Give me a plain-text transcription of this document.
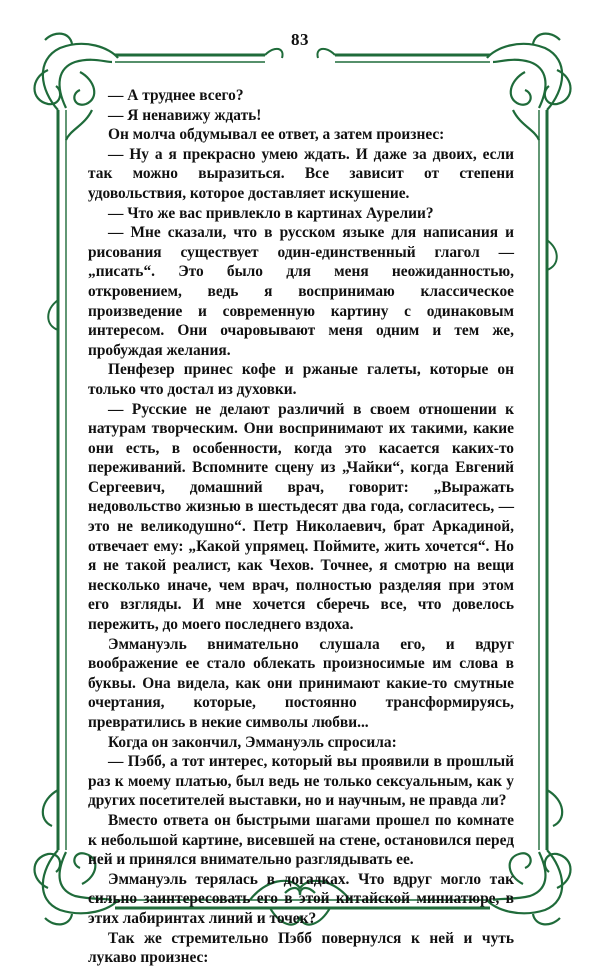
83

— А труднее всего?

— Я ненавижу ждать!

Он молча обдумывал ее ответ, а затем произнес:

— Ну а я прекрасно умею ждать. И даже за двоих, если так можно выразиться. Все зависит от степени удовольствия, которое доставляет искушение.

— Что же вас привлекло в картинах Аурелии?

— Мне сказали, что в русском языке для написания и рисования существует один-единственный глагол — „писать“. Это было для меня неожиданностью, откровением, ведь я воспринимаю классическое произведение и современную картину с одинаковым интересом. Они очаровывают меня одним и тем же, пробуждая желания.

Пенфезер принес кофе и ржаные галеты, которые он только что достал из духовки.

— Русские не делают различий в своем отношении к натурам творческим. Они воспринимают их такими, какие они есть, в особенности, когда это касается каких-то переживаний. Вспомните сцену из „Чайки“, когда Евгений Сергеевич, домашний врач, говорит: „Выражать недовольство жизнью в шестьдесят два года, согласитесь, — это не великодушно“. Петр Николаевич, брат Аркадиной, отвечает ему: „Какой упрямец. Поймите, жить хочется“. Но я не такой реалист, как Чехов. Точнее, я смотрю на вещи несколько иначе, чем врач, полностью разделяя при этом его взгляды. И мне хочется сберечь все, что довелось пережить, до моего последнего вздоха.

Эммануэль внимательно слушала его, и вдруг воображение ее стало облекать произносимые им слова в буквы. Она видела, как они принимают какие-то смутные очертания, которые, постоянно трансформируясь, превратились в некие символы любви...

Когда он закончил, Эммануэль спросила:

— Пэбб, а тот интерес, который вы проявили в прошлый раз к моему платью, был ведь не только сексуальным, как у других посетителей выставки, но и научным, не правда ли?

Вместо ответа он быстрыми шагами прошел по комнате к небольшой картине, висевшей на стене, остановился перед ней и принялся внимательно разглядывать ее.

Эммануэль терялась в догадках. Что вдруг могло так сильно заинтересовать его в этой китайской миниатюре, в этих лабиринтах линий и точек?

Так же стремительно Пэбб повернулся к ней и чуть лукаво произнес:
